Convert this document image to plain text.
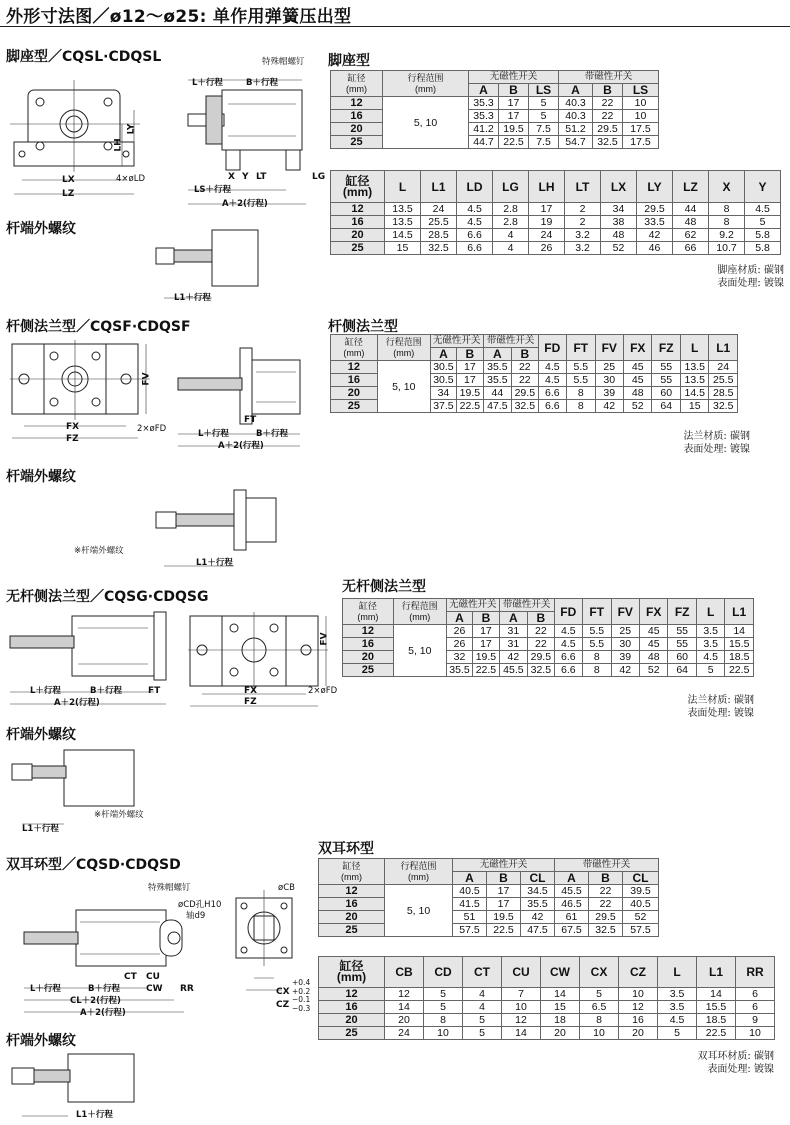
外形寸法图／ø12～ø25: 单作用弹簧压出型
脚座型／CQSL·CDQSL	脚座型
LX
LZ
4×øLD
LH
LY
特殊帽螺钉
L＋行程	B＋行程
X Y LT	LG
LS＋行程
A＋2(行程)
杆端外螺纹
L1＋行程
缸径
(mm)	行程范围
(mm)	无磁性开关			带磁性开关		
		A	B	LS	A	B	LS
12	5, 10	35.3	17	5	40.3	22	10
16		35.3	17	5	40.3	22	10
20		41.2	19.5	7.5	51.2	29.5	17.5
25		44.7	22.5	7.5	54.7	32.5	17.5
缸径
(mm)	L	L1	LD	LG	LH	LT	LX	LY	LZ	X	Y
12	13.5	24	4.5	2.8	17	2	34	29.5	44	8	4.5
16	13.5	25.5	4.5	2.8	19	2	38	33.5	48	8	5
20	14.5	28.5	6.6	4	24	3.2	48	42	62	9.2	5.8
25	15	32.5	6.6	4	26	3.2	52	46	66	10.7	5.8
脚座材质: 碳钢
表面处理: 镀镍
杆侧法兰型／CQSF·CDQSF	杆侧法兰型
FX
FZ
2×øFD
FV
FT
L＋行程	B＋行程
A＋2(行程)
杆端外螺纹
※杆端外螺纹
L1＋行程
缸径
(mm)	行程范围
(mm)	无磁性开关		带磁性开关		FD	FT	FV	FX	FZ	L	L1
		A	B	A	B							
12	5, 10	30.5	17	35.5	22	4.5	5.5	25	45	55	13.5	24
16		30.5	17	35.5	22	4.5	5.5	30	45	55	13.5	25.5
20		34	19.5	44	29.5	6.6	8	39	48	60	14.5	28.5
25		37.5	22.5	47.5	32.5	6.6	8	42	52	64	15	32.5
法兰材质: 碳钢
表面处理: 镀镍
无杆侧法兰型／CQSG·CDQSG
无杆侧法兰型
L＋行程	B＋行程	FT
A＋2(行程)
FX
FZ
2×øFD
FV
杆端外螺纹
※杆端外螺纹
L1＋行程
缸径
(mm)	行程范围
(mm)	无磁性开关		带磁性开关		FD	FT	FV	FX	FZ	L	L1
		A	B	A	B							
12	5, 10	26	17	31	22	4.5	5.5	25	45	55	3.5	14
16		26	17	31	22	4.5	5.5	30	45	55	3.5	15.5
20		32	19.5	42	29.5	6.6	8	39	48	60	4.5	18.5
25		35.5	22.5	45.5	32.5	6.6	8	42	52	64	5	22.5
法兰材质: 碳钢
表面处理: 镀镍
双耳环型／CQSD·CDQSD
双耳环型
特殊帽螺钉
øCD孔H10
轴d9
CT CU
CW RR
L＋行程	B＋行程
CL＋2(行程)
A＋2(行程)
øCB
CX
+0.4
+0.2
CZ
−0.1
−0.3
杆端外螺纹
L1＋行程
缸径
(mm)	行程范围
(mm)	无磁性开关			带磁性开关		
		A	B	CL	A	B	CL
12	5, 10	40.5	17	34.5	45.5	22	39.5
16		41.5	17	35.5	46.5	22	40.5
20		51	19.5	42	61	29.5	52
25		57.5	22.5	47.5	67.5	32.5	57.5
缸径
(mm)	CB	CD	CT	CU	CW	CX	CZ	L	L1	RR
12	12	5	4	7	14	5	10	3.5	14	6
16	14	5	4	10	15	6.5	12	3.5	15.5	6
20	20	8	5	12	18	8	16	4.5	18.5	9
25	24	10	5	14	20	10	20	5	22.5	10
双耳环材质: 碳钢
表面处理: 镀镍
